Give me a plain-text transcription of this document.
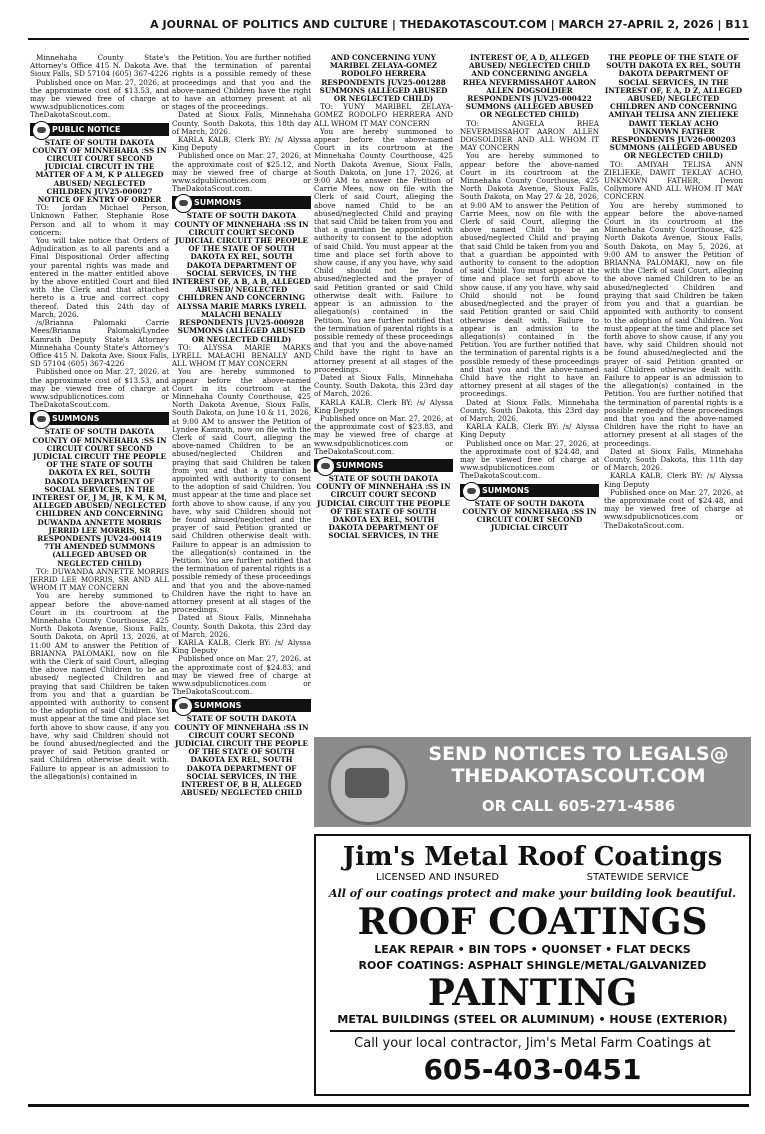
A JOURNAL OF POLITICS AND CULTURE | THEDAKOTASCOUT.COM | MARCH 27-APRIL 2, 2026 | B11

Minnehaha County State's Attorney's Office 415 N. Dakota Ave. Sioux Falls, SD 57104 (605) 367-4226

Published once on Mar. 27, 2026, at the approximate cost of $13.53, and may be viewed free of charge at www.sdpublicnotices.com or TheDakotaScout.com.

PUBLIC NOTICE

STATE OF SOUTH DAKOTA COUNTY OF MINNEHAHA :SS IN CIRCUIT COURT SECOND JUDICIAL CIRCUIT IN THE MATTER OF A M, K P ALLEGED ABUSED/ NEGLECTED CHILDREN JUV25-000027 NOTICE OF ENTRY OF ORDER

TO: Jordan Michael Person, Unknown Father, Stephanie Rose Person and all to whom it may concern:

You will take notice that Orders of Adjudication as to all parents and a Final Dispositional Order affecting your parental rights was made and entered in the matter entitled above by the above entitled Court and filed with the Clerk and that attached hereto is a true and correct copy thereof. Dated this 24th day of March, 2026.

/s/Brianna Palomaki Carrie Mees/Brianna Palomaki/Lyndee Kamrath Deputy State's Attorney Minnehaha County State's Attorney's Office 415 N. Dakota Ave. Sioux Falls, SD 57104 (605) 367-4226

Published once on Mar. 27, 2026, at the approximate cost of $13.53, and may be viewed free of charge at www.sdpublicnotices.com or TheDakotaScout.com.

SUMMONS

STATE OF SOUTH DAKOTA COUNTY OF MINNEHAHA :SS IN CIRCUIT COURT SECOND JUDICIAL CIRCUIT THE PEOPLE OF THE STATE OF SOUTH DAKOTA EX REL, SOUTH DAKOTA DEPARTMENT OF SOCIAL SERVICES, IN THE INTEREST OF, J M, JR, K M, K M, ALLEGED ABUSED/ NEGLECTED CHILDREN AND CONCERNING DUWANDA ANNETTE MORRIS JERRID LEE MORRIS, SR RESPONDENTS JUV24-001419 7TH AMENDED SUMMONS (ALLEGED ABUSED OR NEGLECTED CHILD)

TO: DUWANDA ANNETTE MORRIS JERRID LEE MORRIS, SR AND ALL WHOM IT MAY CONCERN

You are hereby summoned to appear before the above-named Court in its courtroom at the Minnehaha County Courthouse, 425 North Dakota Avenue, Sioux Falls, South Dakota, on April 13, 2026, at 11:00 AM to answer the Petition of BRIANNA PALOMAKI, now on file with the Clerk of said Court, alleging the above named Children to be an abused/ neglected Children and praying that said Children be taken from you and that a guardian be appointed with authority to consent to the adoption of said Children. You must appear at the time and place set forth above to show cause, if any you have, why said Children should not be found abused/neglected and the prayer of said Petition granted or said Children otherwise dealt with. Failure to appear is an admission to the allegation(s) contained in

the Petition. You are further notified that the termination of parental rights is a possible remedy of these proceedings and that you and the above-named Children have the right to have an attorney present at all stages of the proceedings.

Dated at Sioux Falls, Minnehaha County, South Dakota, this 18th day of March, 2026.

KARLA KALB, Clerk BY: /s/ Alyssa King Deputy

Published once on Mar. 27, 2026, at the approximate cost of $25.12, and may be viewed free of charge at www.sdpublicnotices.com or TheDakotaScout.com.

SUMMONS

STATE OF SOUTH DAKOTA COUNTY OF MINNEHAHA :SS IN CIRCUIT COURT SECOND JUDICIAL CIRCUIT THE PEOPLE OF THE STATE OF SOUTH DAKOTA EX REL, SOUTH DAKOTA DEPARTMENT OF SOCIAL SERVICES, IN THE INTEREST OF, A B, A B, ALLEGED ABUSED/ NEGLECTED CHILDREN AND CONCERNING ALYSSA MARIE MARKS LYRELL MALACHI BENALLY RESPONDENTS JUV25-000928 SUMMONS (ALLEGED ABUSED OR NEGLECTED CHILD)

TO: ALYSSA MARIE MARKS LYRELL MALACHI BENALLY AND ALL WHOM IT MAY CONCERN

You are hereby summoned to appear before the above-named Court in its courtroom at the Minnehaha County Courthouse, 425 North Dakota Avenue, Sioux Falls, South Dakota, on June 10 & 11, 2026, at 9:00 AM to answer the Petition of Lyndee Kamrath, now on file with the Clerk of said Court, alleging the above-named Children to be an abused/neglected Children and praying that said Children be taken from you and that a guardian be appointed with authority to consent to the adoption of said Children. You must appear at the time and place set forth above to show cause, if any you have, why said Children should not be found abused/neglected and the prayer of said Petition granted or said Children otherwise dealt with. Failure to appear is an admission to the allegation(s) contained in the Petition. You are further notified that the termination of parental rights is a possible remedy of these proceedings and that you and the above-named Children have the right to have an attorney present at all stages of the proceedings.

Dated at Sioux Falls, Minnehaha County, South Dakota, this 23rd day of March, 2026.

KARLA KALB, Clerk BY: /s/ Alyssa King Deputy

Published once on Mar. 27, 2026, at the approximate cost of $24.83, and may be viewed free of charge at www.sdpublicnotices.com or TheDakotaScout.com.

SUMMONS

STATE OF SOUTH DAKOTA COUNTY OF MINNEHAHA :SS IN CIRCUIT COURT SECOND JUDICIAL CIRCUIT THE PEOPLE OF THE STATE OF SOUTH DAKOTA EX REL, SOUTH DAKOTA DEPARTMENT OF SOCIAL SERVICES, IN THE INTEREST OF, B H, ALLEGED ABUSED/ NEGLECTED CHILD

AND CONCERNING YUNY MARIBEL ZELAYA-GOMEZ RODOLFO HERRERA RESPONDENTS JUV25-001288 SUMMONS (ALLEGED ABUSED OR NEGLECTED CHILD)

TO: YUNY MARIBEL ZELAYA-GOMEZ RODOLFO HERRERA AND ALL WHOM IT MAY CONCERN

You are hereby summoned to appear before the above-named Court in its courtroom at the Minnehaha County Courthouse, 425 North Dakota Avenue, Sioux Falls, South Dakota, on June 17, 2026, at 9:00 AM to answer the Petition of Carrie Mees, now on file with the Clerk of said Court, alleging the above named Child to be an abused/neglected Child and praying that said Child be taken from you and that a guardian be appointed with authority to consent to the adoption of said Child. You must appear at the time and place set forth above to show cause, if any you have, why said Child should not be found abused/neglected and the prayer of said Petition granted or said Child otherwise dealt with. Failure to appear is an admission to the allegation(s) contained in the Petition. You are further notified that the termination of parental rights is a possible remedy of these proceedings and that you and the above-named Child have the right to have an attorney present at all stages of the proceedings.

Dated at Sioux Falls, Minnehaha County, South Dakota, this 23rd day of March, 2026.

KARLA KALB, Clerk BY: /s/ Alyssa King Deputy

Published once on Mar. 27, 2026, at the approximate cost of $23.83, and may be viewed free of charge at www.sdpublicnotices.com or TheDakotaScout.com.

SUMMONS

STATE OF SOUTH DAKOTA COUNTY OF MINNEHAHA :SS IN CIRCUIT COURT SECOND JUDICIAL CIRCUIT THE PEOPLE OF THE STATE OF SOUTH DAKOTA EX REL, SOUTH DAKOTA DEPARTMENT OF SOCIAL SERVICES, IN THE

INTEREST OF, A D, ALLEGED ABUSED/ NEGLECTED CHILD AND CONCERNING ANGELA RHEA NEVERMISSAHOT AARON ALLEN DOGSOLDIER RESPONDENTS JUV25-000422 SUMMONS (ALLEGED ABUSED OR NEGLECTED CHILD)

TO: ANGELA RHEA NEVERMISSAHOT AARON ALLEN DOGSOLDIER AND ALL WHOM IT MAY CONCERN

You are hereby summoned to appear before the above-named Court in its courtroom at the Minnehaha County Courthouse, 425 North Dakota Avenue, Sioux Falls, South Dakota, on May 27 & 28, 2026, at 9:00 AM to answer the Petition of Carrie Mees, now on file with the Clerk of said Court, alleging the above named Child to be an abused/neglected Child and praying that said Child be taken from you and that a guardian be appointed with authority to consent to the adoption of said Child. You must appear at the time and place set forth above to show cause, if any you have, why said Child should not be found abused/neglected and the prayer of said Petition granted or said Child otherwise dealt with. Failure to appear is an admission to the allegation(s) contained in the Petition. You are further notified that the termination of parental rights is a possible remedy of these proceedings and that you and the above-named Child have the right to have an attorney present at all stages of the proceedings.

Dated at Sioux Falls, Minnehaha County, South Dakota, this 23rd day of March, 2026.

KARLA KALB, Clerk BY: /s/ Alyssa King Deputy

Published once on Mar. 27, 2026, at the approximate cost of $24.48, and may be viewed free of charge at www.sdpublicnotices.com or TheDakotaScout.com.

SUMMONS

STATE OF SOUTH DAKOTA COUNTY OF MINNEHAHA :SS IN CIRCUIT COURT SECOND JUDICIAL CIRCUIT

THE PEOPLE OF THE STATE OF SOUTH DAKOTA EX REL, SOUTH DAKOTA DEPARTMENT OF SOCIAL SERVICES, IN THE INTEREST OF, E A, D Z, ALLEGED ABUSED/ NEGLECTED CHILDREN AND CONCERNING AMIYAH TELISA ANN ZIELIEKE DAWIT TEKLAY ACHO UNKNOWN FATHER RESPONDENTS JUV26-000203 SUMMONS (ALLEGED ABUSED OR NEGLECTED CHILD)

TO: AMIYAH TELISA ANN ZIELIEKE, DAWIT TEKLAY ACHO, UNKNOWN FATHER, Devon Collymore AND ALL WHOM IT MAY CONCERN

You are hereby summoned to appear before the above-named Court in its courtroom at the Minnehaha County Courthouse, 425 North Dakota Avenue, Sioux Falls, South Dakota, on May 5, 2026, at 9:00 AM to answer the Petition of BRIANNA PALOMAKI, now on file with the Clerk of said Court, alleging the above named Children to be an abused/neglected Children and praying that said Children be taken from you and that a guardian be appointed with authority to consent to the adoption of said Children. You must appear at the time and place set forth above to show cause, if any you have, why said Children should not be found abused/neglected and the prayer of said Petition granted or said Children otherwise dealt with. Failure to appear is an admission to the allegation(s) contained in the Petition. You are further notified that the termination of parental rights is a possible remedy of these proceedings and that you and the above-named Children have the right to have an attorney present at all stages of the proceedings.

Dated at Sioux Falls, Minnehaha County, South Dakota, this 11th day of March, 2026.

KARLA KALB, Clerk BY: /s/ Alyssa King Deputy

Published once on Mar. 27, 2026, at the approximate cost of $24.48, and may be viewed free of charge at www.sdpublicnotices.com or TheDakotaScout.com.

SEND NOTICES TO LEGALS@
THEDAKOTASCOUT.COM
OR CALL 605-271-4586
Jim's Metal Roof Coatings
LICENSED AND INSURED	STATEWIDE SERVICE
All of our coatings protect and make your building look beautiful.
ROOF COATINGS
LEAK REPAIR • BIN TOPS • QUONSET • FLAT DECKS
ROOF COATINGS: ASPHALT SHINGLE/METAL/GALVANIZED
PAINTING
METAL BUILDINGS (STEEL OR ALUMINUM) • HOUSE (EXTERIOR)
Call your local contractor, Jim's Metal Farm Coatings at
605-403-0451
